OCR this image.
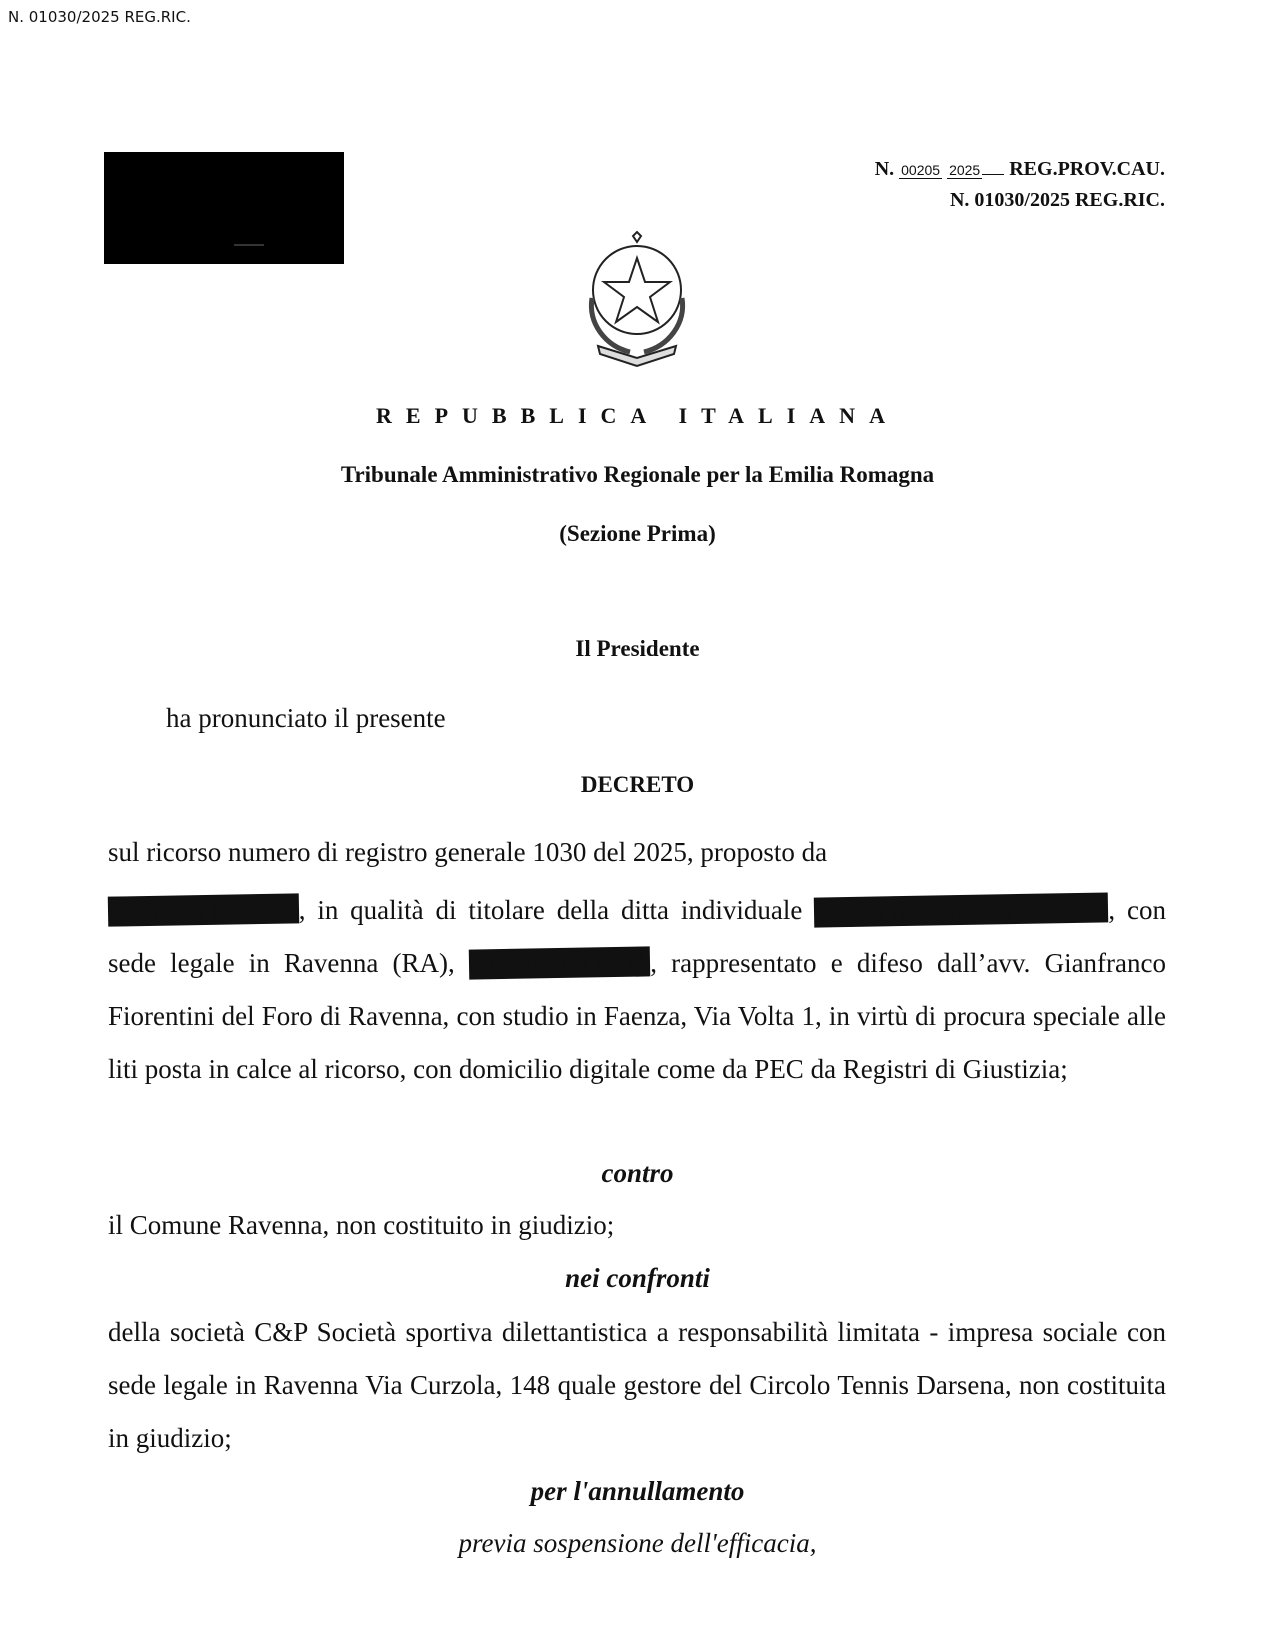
N. 01030/2025 REG.RIC.
N. 00205 2025 REG.PROV.CAU.
N. 01030/2025 REG.RIC.
REPUBBLICA ITALIANA
Tribunale Amministrativo Regionale per la Emilia Romagna
(Sezione Prima)
Il Presidente
ha pronunciato il presente
DECRETO
sul ricorso numero di registro generale 1030 del 2025, proposto da
Lamusta Roberto, in qualità di titolare della ditta individuale Puglia di Lamusta Roberto, con sede legale in Ravenna (RA), Via Andria n. 11, rappresentato e difeso dall’avv. Gianfranco Fiorentini del Foro di Ravenna, con studio in Faenza, Via Volta 1, in virtù di procura speciale alle liti posta in calce al ricorso, con domicilio digitale come da PEC da Registri di Giustizia;
contro
il Comune Ravenna, non costituito in giudizio;
nei confronti
della società C&P Società sportiva dilettantistica a responsabilità limitata - impresa sociale con sede legale in Ravenna Via Curzola, 148 quale gestore del Circolo Tennis Darsena, non costituita in giudizio;
per l'annullamento
previa sospensione dell'efficacia,
